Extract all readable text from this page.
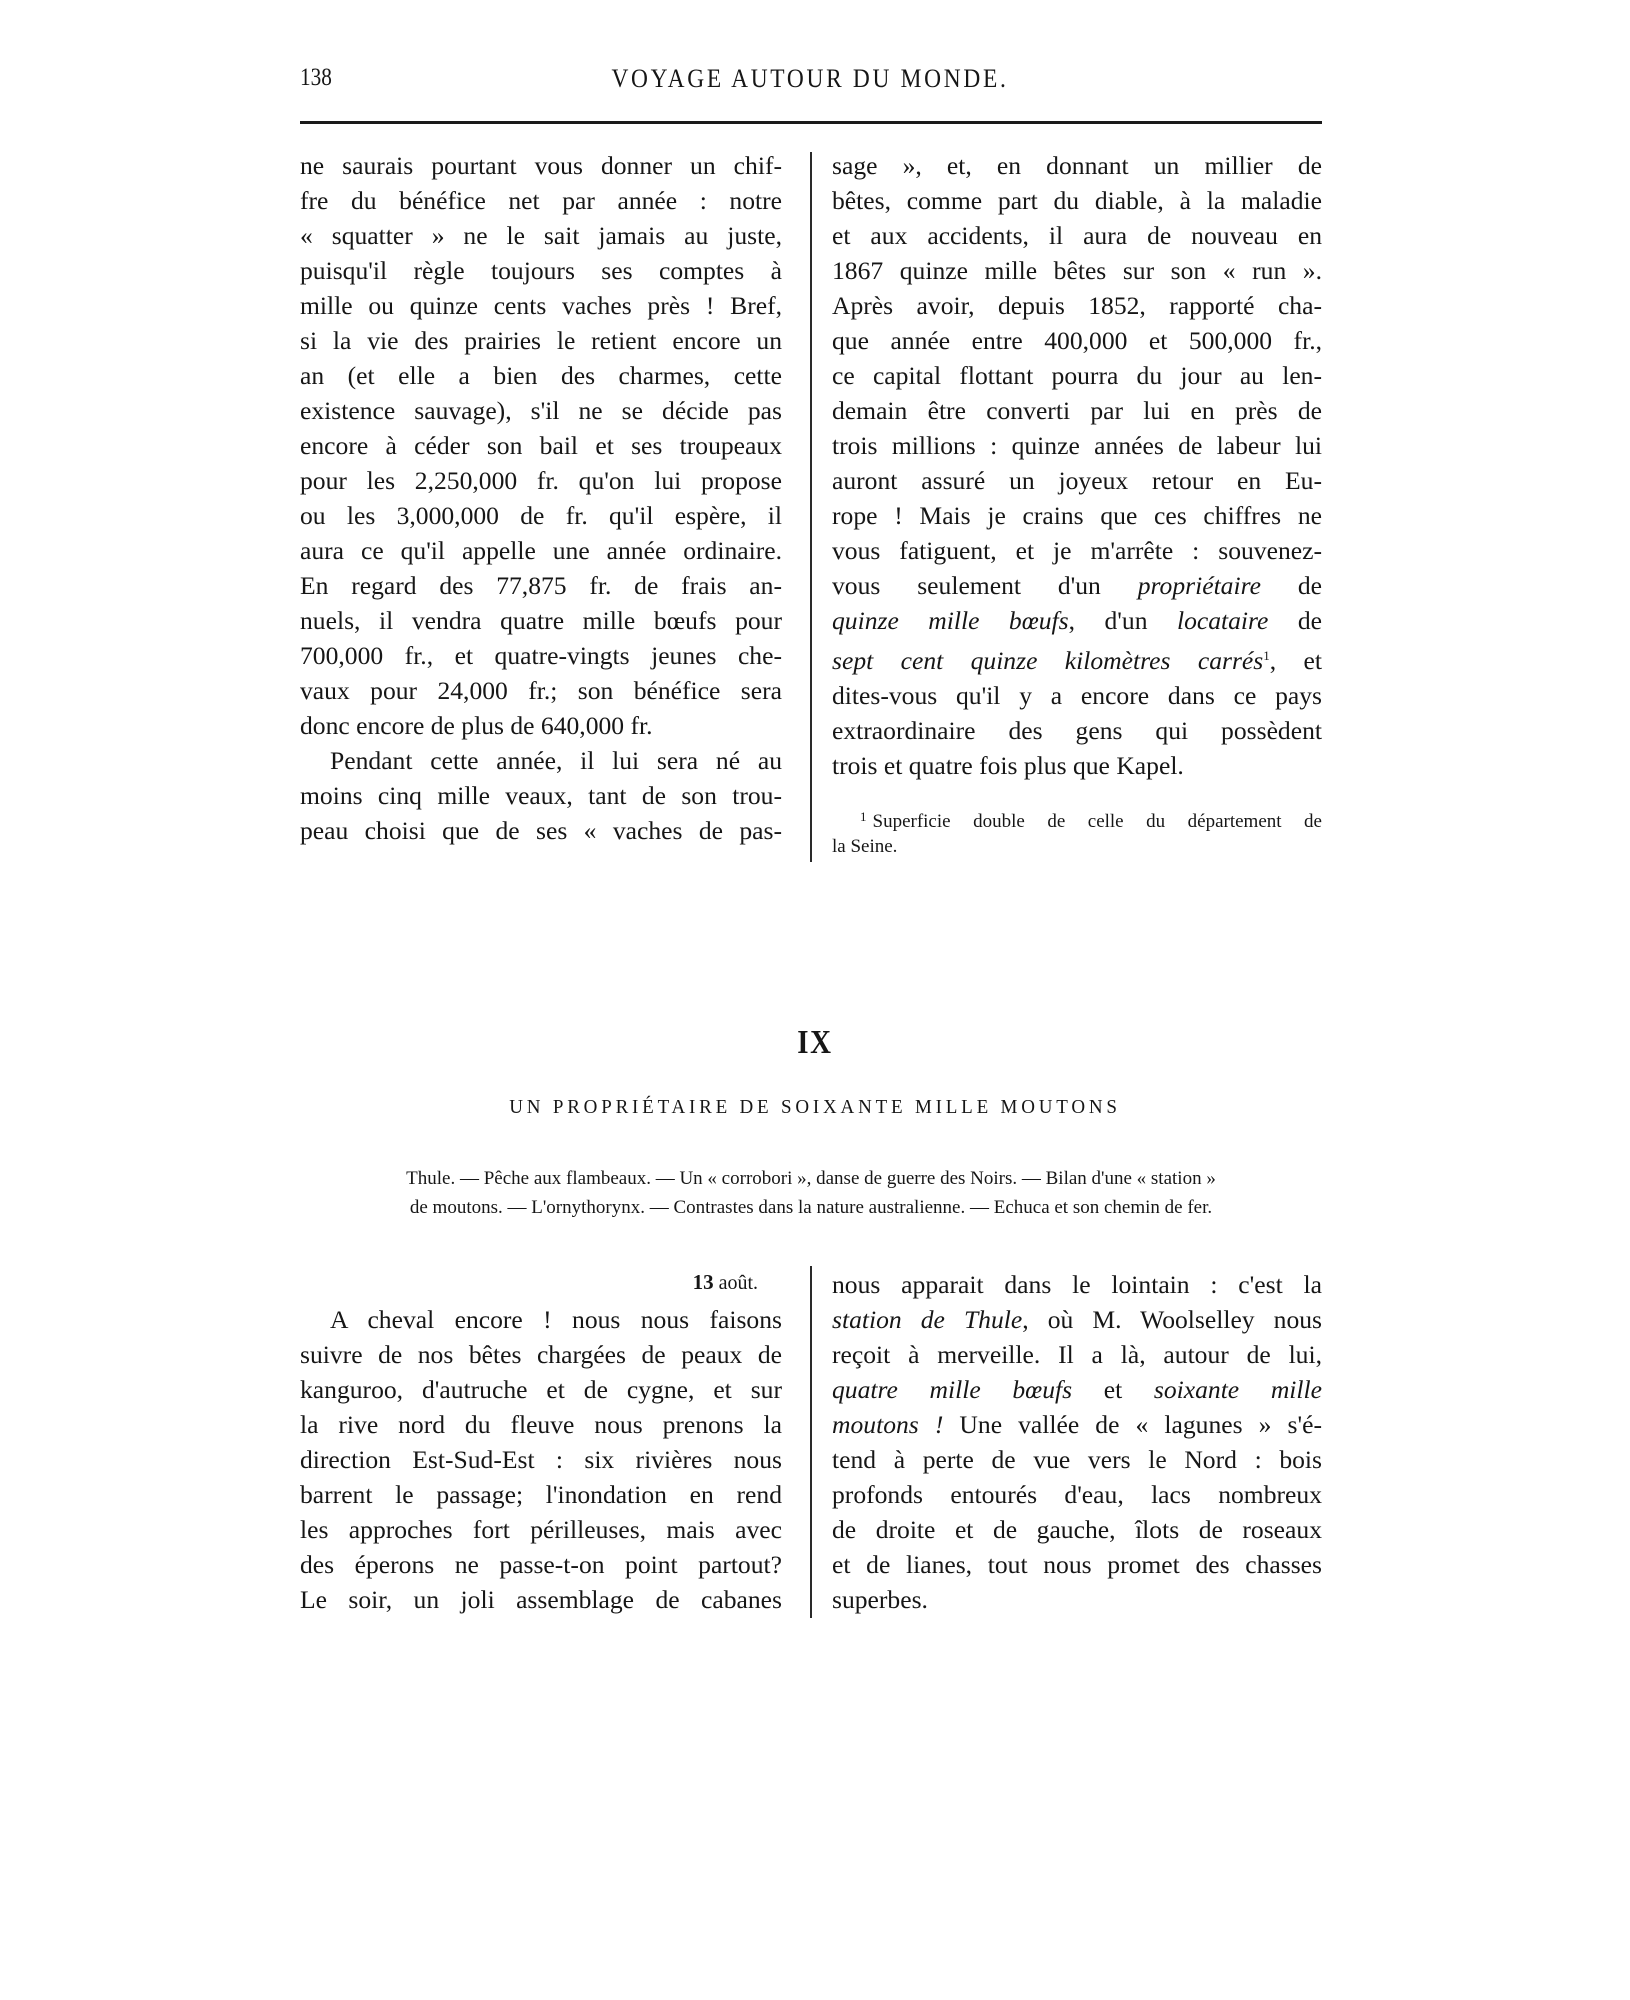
138	VOYAGE AUTOUR DU MONDE.

ne saurais pourtant vous donner un chif-
fre du bénéfice net par année : notre
« squatter » ne le sait jamais au juste,
puisqu'il règle toujours ses comptes à
mille ou quinze cents vaches près ! Bref,
si la vie des prairies le retient encore un
an (et elle a bien des charmes, cette
existence sauvage), s'il ne se décide pas
encore à céder son bail et ses troupeaux
pour les 2,250,000 fr. qu'on lui propose
ou les 3,000,000 de fr. qu'il espère, il
aura ce qu'il appelle une année ordinaire.
En regard des 77,875 fr. de frais an-
nuels, il vendra quatre mille bœufs pour
700,000 fr., et quatre-vingts jeunes che-
vaux pour 24,000 fr.; son bénéfice sera
donc encore de plus de 640,000 fr.

Pendant cette année, il lui sera né au
moins cinq mille veaux, tant de son trou-
peau choisi que de ses « vaches de pas-

sage », et, en donnant un millier de
bêtes, comme part du diable, à la maladie
et aux accidents, il aura de nouveau en
1867 quinze mille bêtes sur son « run ».
Après avoir, depuis 1852, rapporté cha-
que année entre 400,000 et 500,000 fr.,
ce capital flottant pourra du jour au len-
demain être converti par lui en près de
trois millions : quinze années de labeur lui
auront assuré un joyeux retour en Eu-
rope ! Mais je crains que ces chiffres ne
vous fatiguent, et je m'arrête : souvenez-
vous seulement d'un propriétaire de
quinze mille bœufs, d'un locataire de
sept cent quinze kilomètres carrés$^1$, et
dites-vous qu'il y a encore dans ce pays
extraordinaire des gens qui possèdent
trois et quatre fois plus que Kapel.

$^1$ Superficie double de celle du département de
la Seine.
IX
UN PROPRIÉTAIRE DE SOIXANTE MILLE MOUTONS
Thule. — Pêche aux flambeaux. — Un « corrobori », danse de guerre des Noirs. — Bilan d'une « station »
de moutons. — L'ornythorynx. — Contrastes dans la nature australienne. — Echuca et son chemin de fer.
13 août.

A cheval encore ! nous nous faisons
suivre de nos bêtes chargées de peaux de
kanguroo, d'autruche et de cygne, et sur
la rive nord du fleuve nous prenons la
direction Est-Sud-Est : six rivières nous
barrent le passage; l'inondation en rend
les approches fort périlleuses, mais avec
des éperons ne passe-t-on point partout?
Le soir, un joli assemblage de cabanes

nous apparait dans le lointain : c'est la
station de Thule, où M. Woolselley nous
reçoit à merveille. Il a là, autour de lui,
quatre mille bœufs et soixante mille
moutons ! Une vallée de « lagunes » s'é-
tend à perte de vue vers le Nord : bois
profonds entourés d'eau, lacs nombreux
de droite et de gauche, îlots de roseaux
et de lianes, tout nous promet des chasses
superbes.
